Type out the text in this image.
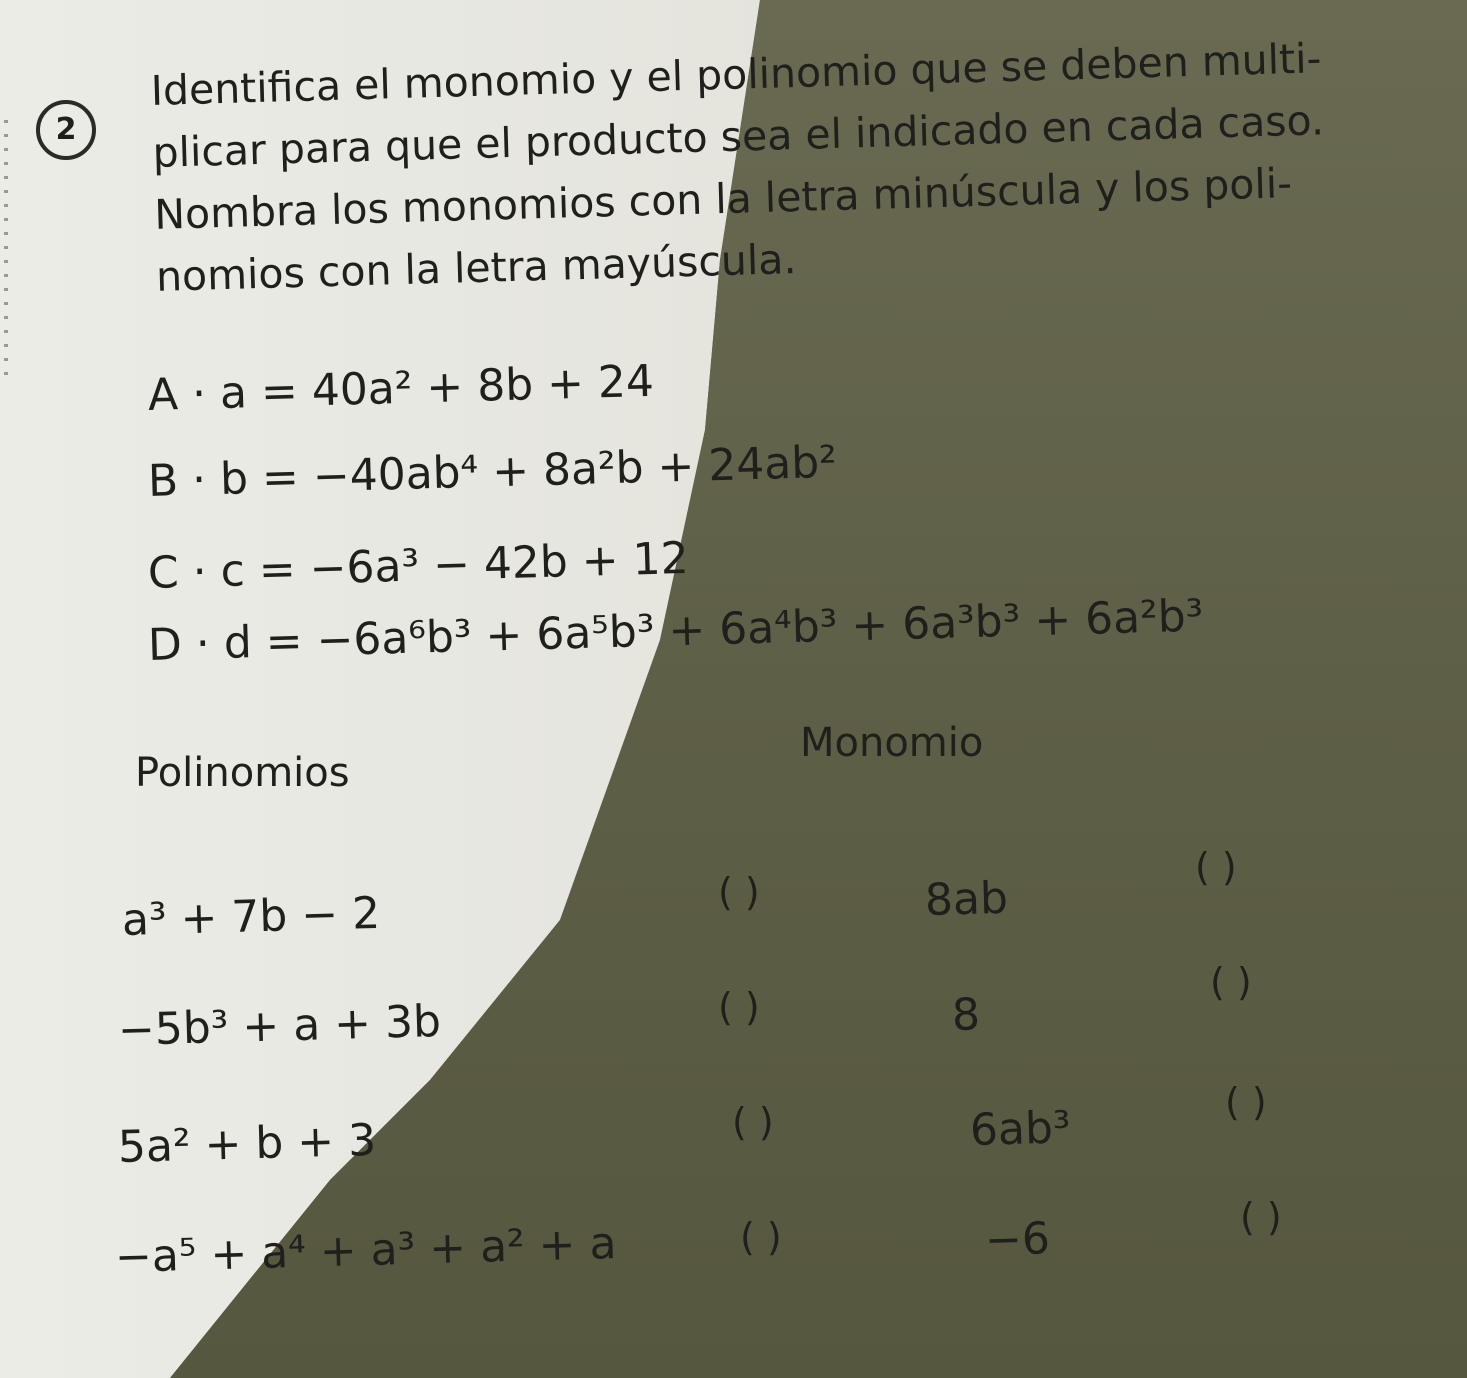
2
Identifica el monomio y el polinomio que se deben multi-
plicar para que el producto sea el indicado en cada caso.
Nombra los monomios con la letra minúscula y los poli-
nomios con la letra mayúscula.
A · a = 40a² + 8b + 24
B · b = −40ab⁴ + 8a²b + 24ab²
C · c = −6a³ − 42b + 12
D · d = −6a⁶b³ + 6a⁵b³ + 6a⁴b³ + 6a³b³ + 6a²b³
Polinomios
Monomio
a³ + 7b − 2
−5b³ + a + 3b
5a² + b + 3
−a⁵ + a⁴ + a³ + a² + a
( )
( )
( )
( )
8ab
8
6ab³
−6
( )
( )
( )
( )
